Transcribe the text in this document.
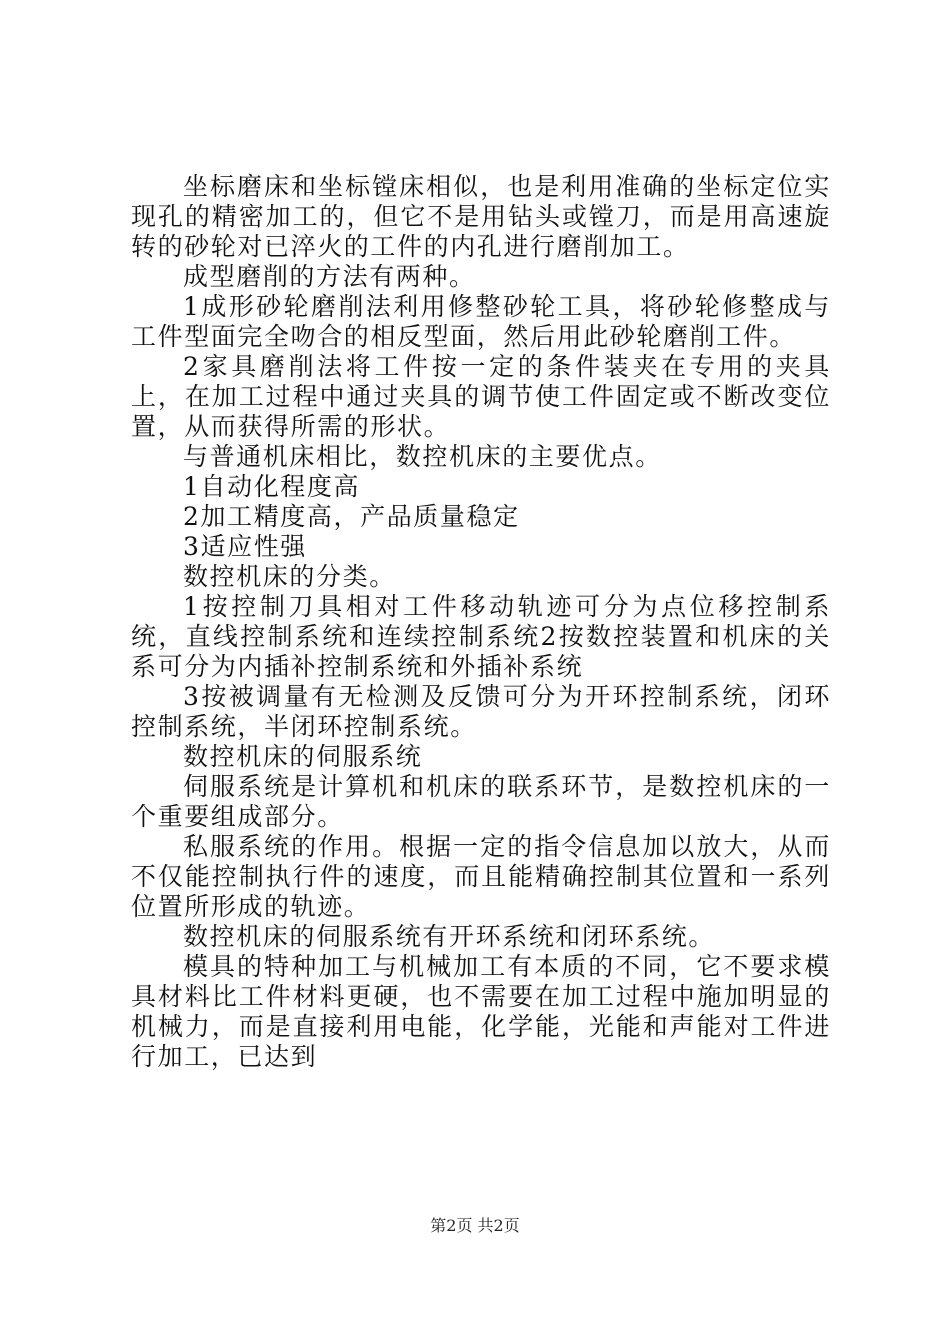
坐标磨床和坐标镗床相似，也是利用准确的坐标定位实现孔的精密加工的，但它不是用钻头或镗刀，而是用高速旋转的砂轮对已淬火的工件的内孔进行磨削加工。

成型磨削的方法有两种。

1成形砂轮磨削法利用修整砂轮工具，将砂轮修整成与工件型面完全吻合的相反型面，然后用此砂轮磨削工件。

2家具磨削法将工件按一定的条件装夹在专用的夹具上，在加工过程中通过夹具的调节使工件固定或不断改变位置，从而获得所需的形状。

与普通机床相比，数控机床的主要优点。

1自动化程度高

2加工精度高，产品质量稳定

3适应性强

数控机床的分类。

1按控制刀具相对工件移动轨迹可分为点位移控制系统，直线控制系统和连续控制系统2按数控装置和机床的关系可分为内插补控制系统和外插补系统

3按被调量有无检测及反馈可分为开环控制系统，闭环控制系统，半闭环控制系统。

数控机床的伺服系统

伺服系统是计算机和机床的联系环节，是数控机床的一个重要组成部分。

私服系统的作用。根据一定的指令信息加以放大，从而不仅能控制执行件的速度，而且能精确控制其位置和一系列位置所形成的轨迹。

数控机床的伺服系统有开环系统和闭环系统。

模具的特种加工与机械加工有本质的不同，它不要求模具材料比工件材料更硬，也不需要在加工过程中施加明显的机械力，而是直接利用电能，化学能，光能和声能对工件进行加工，已达到

第2页 共2页
